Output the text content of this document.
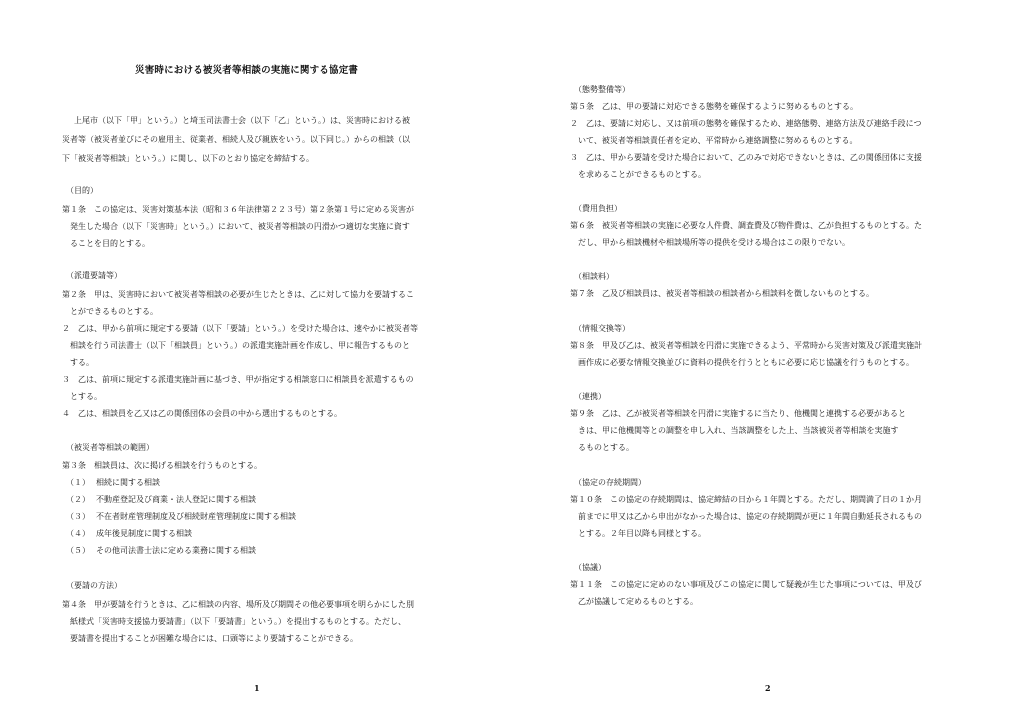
災害時における被災者等相談の実施に関する協定書
上尾市（以下「甲」という。）と埼玉司法書士会（以下「乙」という。）は、災害時における被
災者等（被災者並びにその雇用主、従業者、相続人及び親族をいう。以下同じ。）からの相談（以
下「被災者等相談」という。）に関し、以下のとおり協定を締結する。
（目的）
第１条　この協定は、災害対策基本法（昭和３６年法律第２２３号）第２条第１号に定める災害が
発生した場合（以下「災害時」という。）において、被災者等相談の円滑かつ適切な実施に資す
ることを目的とする。
（派遣要請等）
第２条　甲は、災害時において被災者等相談の必要が生じたときは、乙に対して協力を要請するこ
とができるものとする。
２　乙は、甲から前項に規定する要請（以下「要請」という。）を受けた場合は、速やかに被災者等
相談を行う司法書士（以下「相談員」という。）の派遣実施計画を作成し、甲に報告するものと
する。
３　乙は、前項に規定する派遣実施計画に基づき、甲が指定する相談窓口に相談員を派遣するもの
とする。
４　乙は、相談員を乙又は乙の関係団体の会員の中から選出するものとする。
（被災者等相談の範囲）
第３条　相談員は、次に掲げる相談を行うものとする。
（１） 相続に関する相談
（２） 不動産登記及び商業・法人登記に関する相談
（３） 不在者財産管理制度及び相続財産管理制度に関する相談
（４） 成年後見制度に関する相談
（５） その他司法書士法に定める業務に関する相談
（要請の方法）
第４条　甲が要請を行うときは、乙に相談の内容、場所及び期間その他必要事項を明らかにした別
紙様式「災害時支援協力要請書」（以下「要請書」という。）を提出するものとする。ただし、
要請書を提出することが困難な場合には、口頭等により要請することができる。
1
（態勢整備等）
第５条　乙は、甲の要請に対応できる態勢を確保するように努めるものとする。
２　乙は、要請に対応し、又は前項の態勢を確保するため、連絡態勢、連絡方法及び連絡手段につ
いて、被災者等相談責任者を定め、平常時から連絡調整に努めるものとする。
３　乙は、甲から要請を受けた場合において、乙のみで対応できないときは、乙の関係団体に支援
を求めることができるものとする。
（費用負担）
第６条　被災者等相談の実施に必要な人件費、調査費及び物件費は、乙が負担するものとする。た
だし、甲から相談機材や相談場所等の提供を受ける場合はこの限りでない。
（相談料）
第７条　乙及び相談員は、被災者等相談の相談者から相談料を徴しないものとする。
（情報交換等）
第８条　甲及び乙は、被災者等相談を円滑に実施できるよう、平常時から災害対策及び派遣実施計
画作成に必要な情報交換並びに資料の提供を行うとともに必要に応じ協議を行うものとする。
（連携）
第９条　乙は、乙が被災者等相談を円滑に実施するに当たり、他機関と連携する必要があると
きは、甲に他機関等との調整を申し入れ、当該調整をした上、当該被災者等相談を実施す
るものとする。
（協定の存続期間）
第１０条　この協定の存続期間は、協定締結の日から１年間とする。ただし、期間満了日の１か月
前までに甲又は乙から申出がなかった場合は、協定の存続期間が更に１年間自動延長されるもの
とする。２年目以降も同様とする。
（協議）
第１１条　この協定に定めのない事項及びこの協定に関して疑義が生じた事項については、甲及び
乙が協議して定めるものとする。
2
